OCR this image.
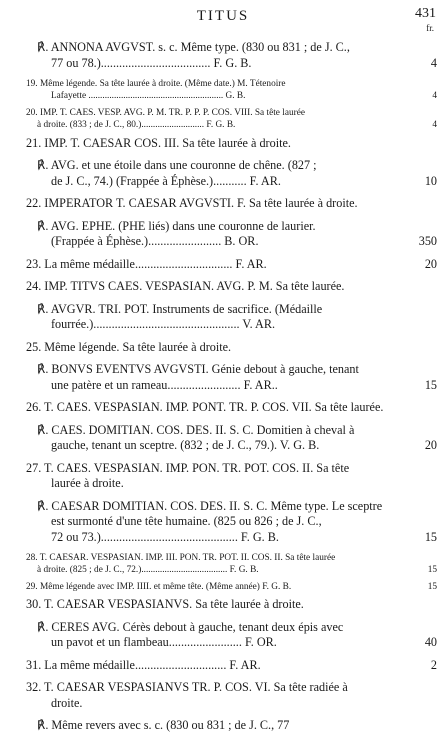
TITUS	431
fr.
℟. ANNONA AVGVST. s. c. Même type. (830 ou 831 ; de J. C.,
77 ou 78.).................................... F. G. B.	4
19. Même légende. Sa tête laurée à droite. (Même date.) M. Tétenoire
Lafayette .......................................................... G. B.	4
20. IMP. T. CAES. VESP. AVG. P. M. TR. P. P. P. COS. VIII. Sa tête laurée
à droite. (833 ; de J. C., 80.)........................... F. G. B.	4
21. IMP. T. CAESAR COS. III. Sa tête laurée à droite.
℟. AVG. et une étoile dans une couronne de chêne. (827 ;
de J. C., 74.) (Frappée à Éphèse.)........... F. AR.	10
22. IMPERATOR T. CAESAR AVGVSTI. F. Sa tête laurée à droite.
℟. AVG. EPHE. (PHE liés) dans une couronne de laurier.
(Frappée à Éphèse.)........................ B. OR.	350
23. La même médaille................................ F. AR.	20
24. IMP. TITVS CAES. VESPASIAN. AVG. P. M. Sa tête laurée.
℟. AVGVR. TRI. POT. Instruments de sacrifice. (Médaille
fourrée.)................................................ V. AR.
25. Même légende. Sa tête laurée à droite.
℟. BONVS EVENTVS AVGVSTI. Génie debout à gauche, tenant
une patère et un rameau........................ F. AR..	15
26. T. CAES. VESPASIAN. IMP. PONT. TR. P. COS. VII. Sa tête laurée.
℟. CAES. DOMITIAN. COS. DES. II. S. C. Domitien à cheval à
gauche, tenant un sceptre. (832 ; de J. C., 79.). V. G. B.	20
27. T. CAES. VESPASIAN. IMP. PON. TR. POT. COS. II. Sa tête
laurée à droite.
℟. CAESAR DOMITIAN. COS. DES. II. S. C. Même type. Le sceptre
est surmonté d'une tête humaine. (825 ou 826 ; de J. C.,
72 ou 73.)............................................. F. G. B.	15
28. T. CAESAR. VESPASIAN. IMP. III. PON. TR. POT. II. COS. II. Sa tête laurée
à droite. (825 ; de J. C., 72.)..................................... F. G. B.	15
29. Même légende avec IMP. IIII. et même tête. (Même année) F. G. B.	15
30. T. CAESAR VESPASIANVS. Sa tête laurée à droite.
℟. CERES AVG. Cérès debout à gauche, tenant deux épis avec
un pavot et un flambeau........................ F. OR.	40
31. La même médaille.............................. F. AR.	2
32. T. CAESAR VESPASIANVS TR. P. COS. VI. Sa tête radiée à
droite.
℟. Même revers avec s. c. (830 ou 831 ; de J. C., 77
